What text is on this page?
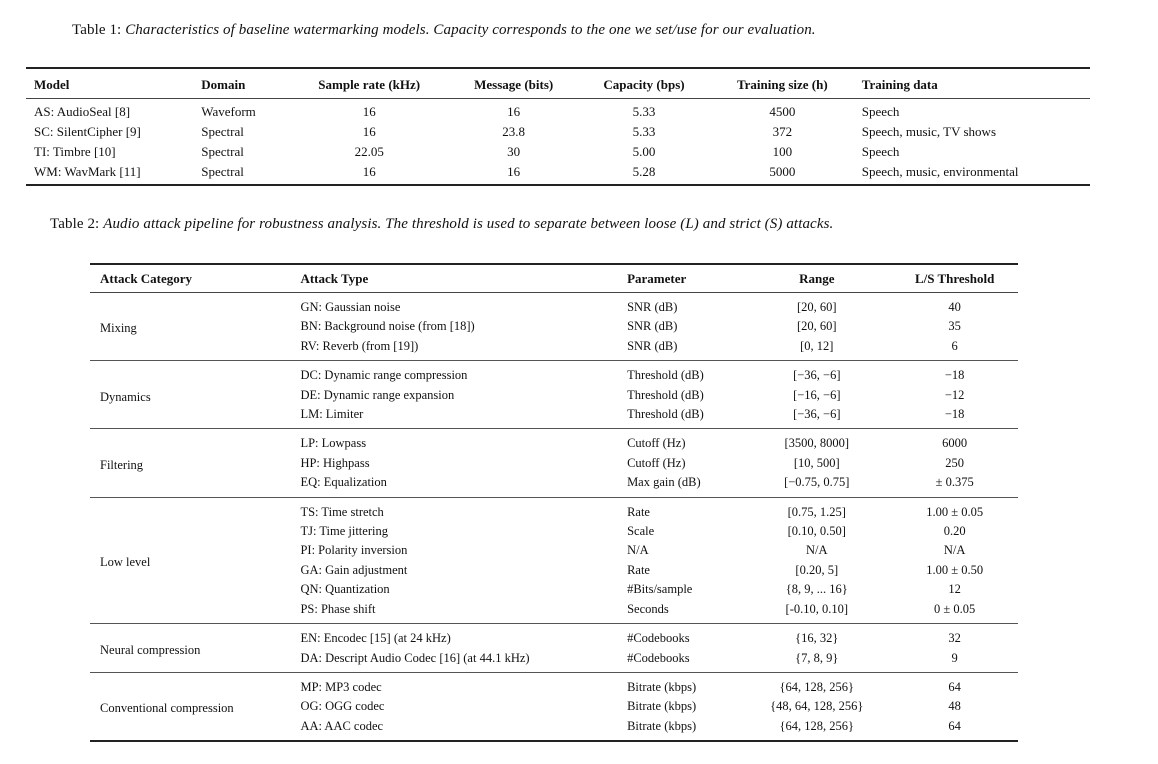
Table 1: Characteristics of baseline watermarking models. Capacity corresponds to the one we set/use for our evaluation.
Model	Domain	Sample rate (kHz)	Message (bits)	Capacity (bps)	Training size (h)	Training data
AS: AudioSeal [8]	Waveform	16	16	5.33	4500	Speech
SC: SilentCipher [9]	Spectral	16	23.8	5.33	372	Speech, music, TV shows
TI: Timbre [10]	Spectral	22.05	30	5.00	100	Speech
WM: WavMark [11]	Spectral	16	16	5.28	5000	Speech, music, environmental
Table 2: Audio attack pipeline for robustness analysis. The threshold is used to separate between loose (L) and strict (S) attacks.
Attack Category	Attack Type	Parameter	Range	L/S Threshold
Mixing	GN: Gaussian noise	SNR (dB)	[20, 60]	40
	BN: Background noise (from [18])	SNR (dB)	[20, 60]	35
	RV: Reverb (from [19])	SNR (dB)	[0, 12]	6
Dynamics	DC: Dynamic range compression	Threshold (dB)	[−36, −6]	−18
	DE: Dynamic range expansion	Threshold (dB)	[−16, −6]	−12
	LM: Limiter	Threshold (dB)	[−36, −6]	−18
Filtering	LP: Lowpass	Cutoff (Hz)	[3500, 8000]	6000
	HP: Highpass	Cutoff (Hz)	[10, 500]	250
	EQ: Equalization	Max gain (dB)	[−0.75, 0.75]	± 0.375
Low level	TS: Time stretch	Rate	[0.75, 1.25]	1.00 ± 0.05
	TJ: Time jittering	Scale	[0.10, 0.50]	0.20
	PI: Polarity inversion	N/A	N/A	N/A
	GA: Gain adjustment	Rate	[0.20, 5]	1.00 ± 0.50
	QN: Quantization	#Bits/sample	{8, 9, ... 16}	12
	PS: Phase shift	Seconds	[-0.10, 0.10]	0 ± 0.05
Neural compression	EN: Encodec [15] (at 24 kHz)	#Codebooks	{16, 32}	32
	DA: Descript Audio Codec [16] (at 44.1 kHz)	#Codebooks	{7, 8, 9}	9
Conventional compression	MP: MP3 codec	Bitrate (kbps)	{64, 128, 256}	64
	OG: OGG codec	Bitrate (kbps)	{48, 64, 128, 256}	48
	AA: AAC codec	Bitrate (kbps)	{64, 128, 256}	64
